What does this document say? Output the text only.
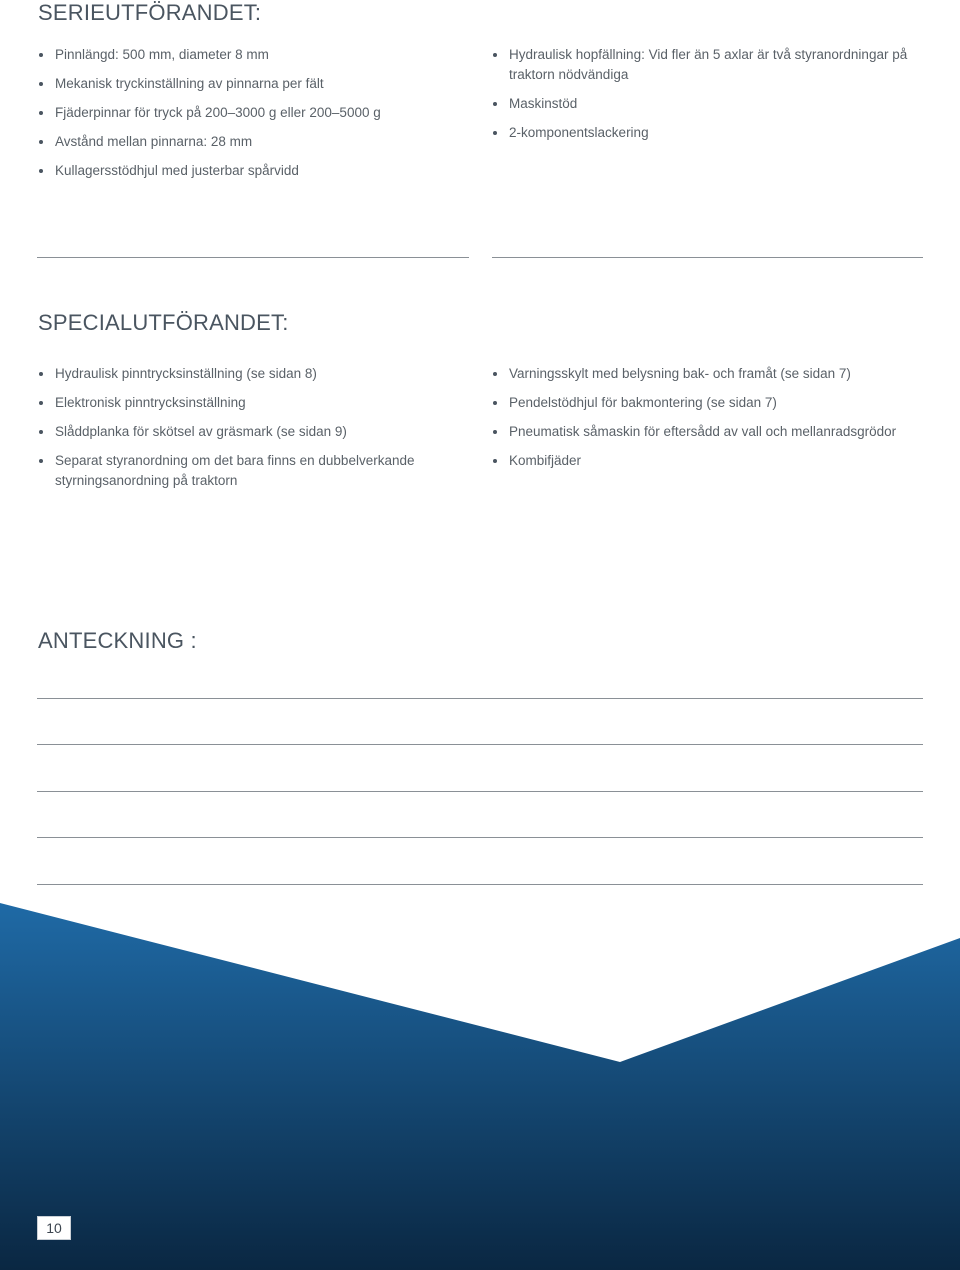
SERIEUTFÖRANDET:
Pinnlängd: 500 mm, diameter 8 mm
Mekanisk tryckinställning av pinnarna per fält
Fjäderpinnar för tryck på 200–3000 g eller 200–5000 g
Avstånd mellan pinnarna: 28 mm
Kullagersstödhjul med justerbar spårvidd
Hydraulisk hopfällning: Vid fler än 5 axlar är två styranordningar på traktorn nödvändiga
Maskinstöd
2-komponentslackering
SPECIALUTFÖRANDET:
Hydraulisk pinntrycksinställning (se sidan 8)
Elektronisk pinntrycksinställning
Slåddplanka för skötsel av gräsmark (se sidan 9)
Separat styranordning om det bara finns en dubbelverkande styrningsanordning på traktorn
Varningsskylt med belysning bak- och framåt (se sidan 7)
Pendelstödhjul för bakmontering (se sidan 7)
Pneumatisk såmaskin för eftersådd av vall och mellanradsgrödor
Kombifjäder
ANTECKNING :
10
